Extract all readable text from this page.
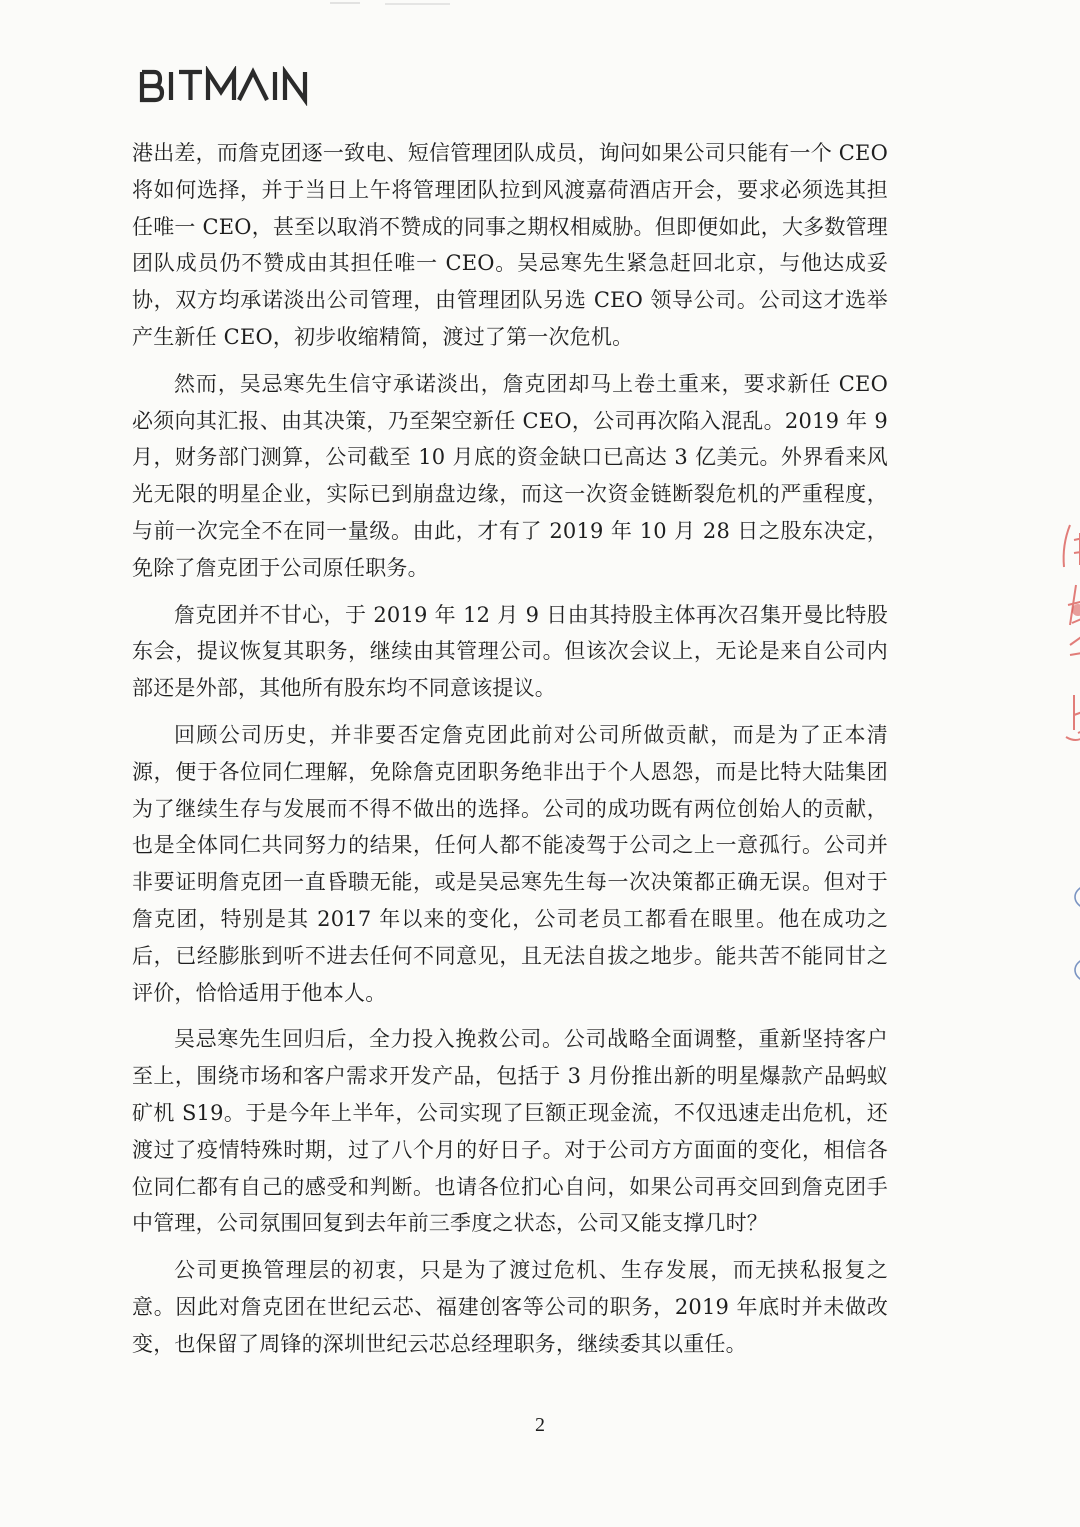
港出差，而詹克团逐一致电、短信管理团队成员，询问如果公司只能有一个 CEO 将如何选择，并于当日上午将管理团队拉到风渡嘉荷酒店开会，要求必须选其担任唯一 CEO，甚至以取消不赞成的同事之期权相威胁。但即便如此，大多数管理团队成员仍不赞成由其担任唯一 CEO。吴忌寒先生紧急赶回北京，与他达成妥协，双方均承诺淡出公司管理，由管理团队另选 CEO 领导公司。公司这才选举产生新任 CEO，初步收缩精简，渡过了第一次危机。

然而，吴忌寒先生信守承诺淡出，詹克团却马上卷土重来，要求新任 CEO 必须向其汇报、由其决策，乃至架空新任 CEO，公司再次陷入混乱。2019 年 9 月，财务部门测算，公司截至 10 月底的资金缺口已高达 3 亿美元。外界看来风光无限的明星企业，实际已到崩盘边缘，而这一次资金链断裂危机的严重程度，与前一次完全不在同一量级。由此，才有了 2019 年 10 月 28 日之股东决定，免除了詹克团于公司原任职务。

詹克团并不甘心，于 2019 年 12 月 9 日由其持股主体再次召集开曼比特股东会，提议恢复其职务，继续由其管理公司。但该次会议上，无论是来自公司内部还是外部，其他所有股东均不同意该提议。

回顾公司历史，并非要否定詹克团此前对公司所做贡献，而是为了正本清源，便于各位同仁理解，免除詹克团职务绝非出于个人恩怨，而是比特大陆集团为了继续生存与发展而不得不做出的选择。公司的成功既有两位创始人的贡献，也是全体同仁共同努力的结果，任何人都不能凌驾于公司之上一意孤行。公司并非要证明詹克团一直昏聩无能，或是吴忌寒先生每一次决策都正确无误。但对于詹克团，特别是其 2017 年以来的变化，公司老员工都看在眼里。他在成功之后，已经膨胀到听不进去任何不同意见，且无法自拔之地步。能共苦不能同甘之评价，恰恰适用于他本人。

吴忌寒先生回归后，全力投入挽救公司。公司战略全面调整，重新坚持客户至上，围绕市场和客户需求开发产品，包括于 3 月份推出新的明星爆款产品蚂蚁矿机 S19。于是今年上半年，公司实现了巨额正现金流，不仅迅速走出危机，还渡过了疫情特殊时期，过了八个月的好日子。对于公司方方面面的变化，相信各位同仁都有自己的感受和判断。也请各位扪心自问，如果公司再交回到詹克团手中管理，公司氛围回复到去年前三季度之状态，公司又能支撑几时？

公司更换管理层的初衷，只是为了渡过危机、生存发展，而无挟私报复之意。因此对詹克团在世纪云芯、福建创客等公司的职务，2019 年底时并未做改变，也保留了周锋的深圳世纪云芯总经理职务，继续委其以重任。

2
